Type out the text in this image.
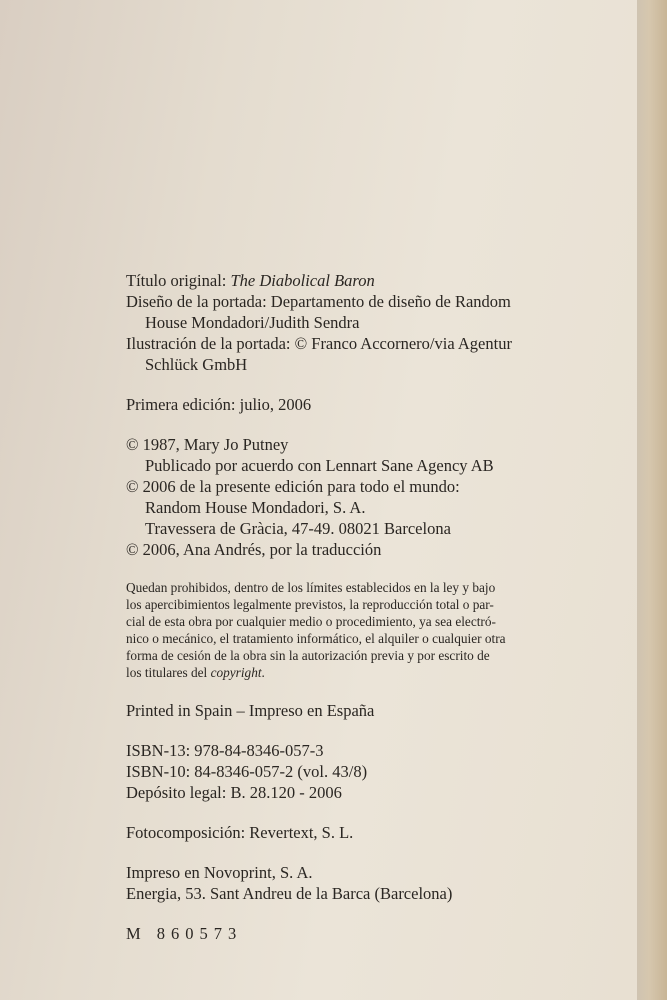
Título original: The Diabolical Baron
Diseño de la portada: Departamento de diseño de Random
House Mondadori/Judith Sendra
Ilustración de la portada: © Franco Accornero/via Agentur
Schlück GmbH
Primera edición: julio, 2006
© 1987, Mary Jo Putney
Publicado por acuerdo con Lennart Sane Agency AB
© 2006 de la presente edición para todo el mundo:
Random House Mondadori, S. A.
Travessera de Gràcia, 47-49. 08021 Barcelona
© 2006, Ana Andrés, por la traducción
Quedan prohibidos, dentro de los límites establecidos en la ley y bajo
los apercibimientos legalmente previstos, la reproducción total o par-
cial de esta obra por cualquier medio o procedimiento, ya sea electró-
nico o mecánico, el tratamiento informático, el alquiler o cualquier otra
forma de cesión de la obra sin la autorización previa y por escrito de
los titulares del copyright.
Printed in Spain – Impreso en España
ISBN-13: 978-84-8346-057-3
ISBN-10: 84-8346-057-2 (vol. 43/8)
Depósito legal: B. 28.120 - 2006
Fotocomposición: Revertext, S. L.
Impreso en Novoprint, S. A.
Energia, 53. Sant Andreu de la Barca (Barcelona)
M 860573
